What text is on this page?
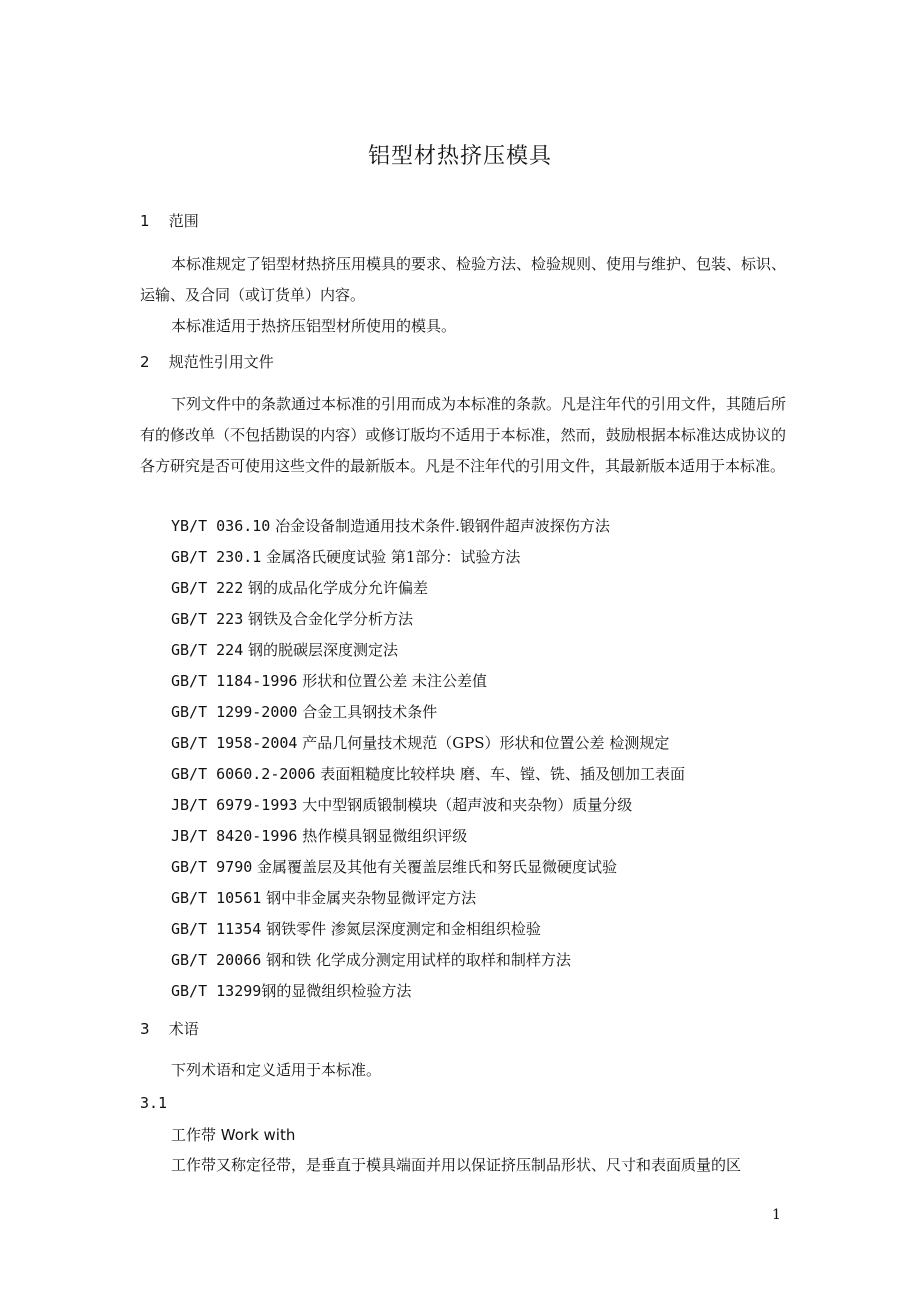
铝型材热挤压模具
1 范围
本标准规定了铝型材热挤压用模具的要求、检验方法、检验规则、使用与维护、包装、标识、运输、及合同（或订货单）内容。
本标准适用于热挤压铝型材所使用的模具。
2 规范性引用文件
下列文件中的条款通过本标准的引用而成为本标准的条款。凡是注年代的引用文件，其随后所有的修改单（不包括勘误的内容）或修订版均不适用于本标准，然而，鼓励根据本标准达成协议的各方研究是否可使用这些文件的最新版本。凡是不注年代的引用文件，其最新版本适用于本标准。
YB/T 036.10 冶金设备制造通用技术条件.锻钢件超声波探伤方法
GB/T 230.1 金属洛氏硬度试验 第1部分：试验方法
GB/T 222 钢的成品化学成分允许偏差
GB/T 223 钢铁及合金化学分析方法
GB/T 224 钢的脱碳层深度测定法
GB/T 1184-1996 形状和位置公差 未注公差值
GB/T 1299-2000 合金工具钢技术条件
GB/T 1958-2004 产品几何量技术规范（GPS）形状和位置公差 检测规定
GB/T 6060.2-2006 表面粗糙度比较样块 磨、车、镗、铣、插及刨加工表面
JB/T 6979-1993 大中型钢质锻制模块（超声波和夹杂物）质量分级
JB/T 8420-1996 热作模具钢显微组织评级
GB/T 9790 金属覆盖层及其他有关覆盖层维氏和努氏显微硬度试验
GB/T 10561 钢中非金属夹杂物显微评定方法
GB/T 11354 钢铁零件 渗氮层深度测定和金相组织检验
GB/T 20066 钢和铁 化学成分测定用试样的取样和制样方法
GB/T 13299钢的显微组织检验方法
3 术语
下列术语和定义适用于本标准。
3.1
工作带 Work with
工作带又称定径带，是垂直于模具端面并用以保证挤压制品形状、尺寸和表面质量的区
1
